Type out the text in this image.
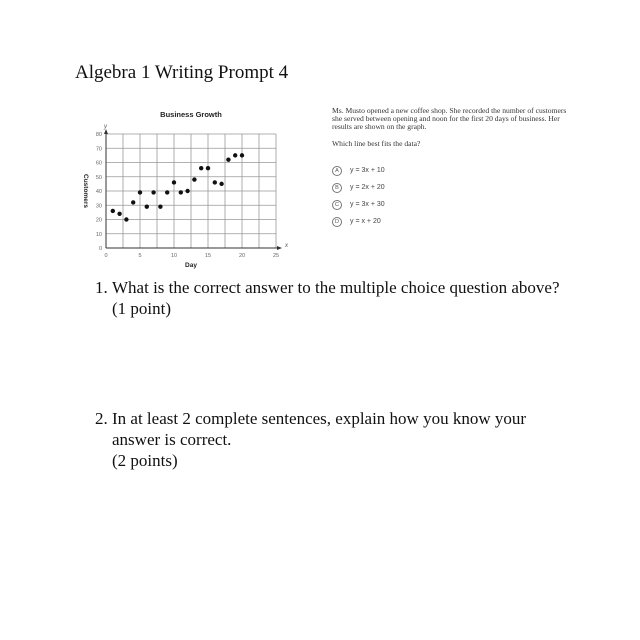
Algebra 1 Writing Prompt 4
0	5	10	15	20	25
0
10
20
30
40
50
60
70
80
x
y
Business Growth
Day
Customers
Ms. Musto opened a new coffee shop. She recorded the number of customers she served between opening and noon for the first 20 days of business. Her results are shown on the graph.
Which line best fits the data?
A	y = 3x + 10
B	y = 2x + 20
C	y = 3x + 30
D	y = x + 20
1. What is the correct answer to the multiple choice question above? (1 point)
2. In at least 2 complete sentences, explain how you know your answer is correct.
(2 points)
